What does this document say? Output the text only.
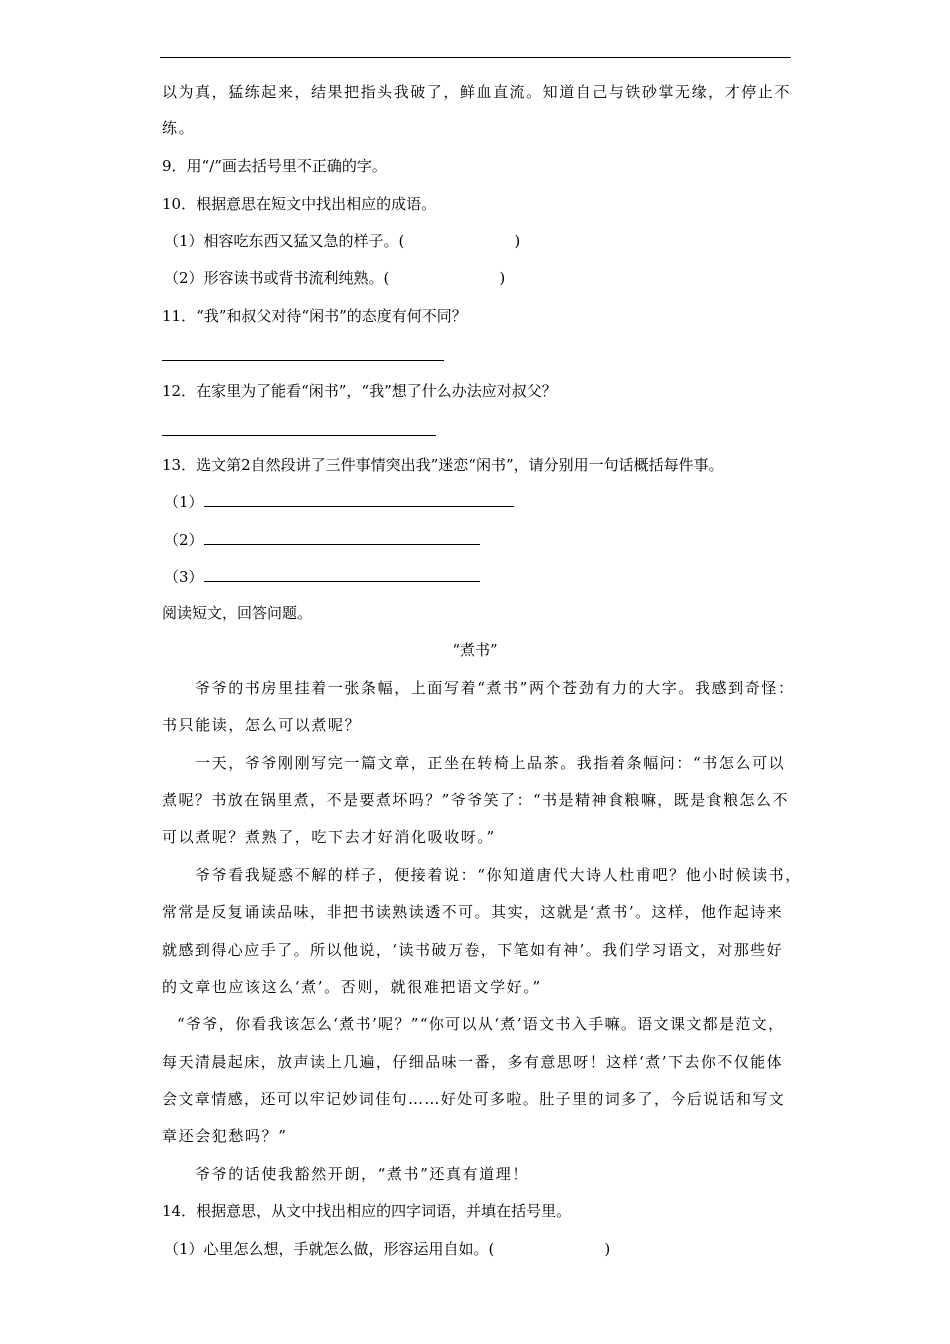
以为真，猛练起来，结果把指头我破了，鲜血直流。知道自己与铁砂掌无缘，才停止不
练。
9．用“/”画去括号里不正确的字。
10．根据意思在短文中找出相应的成语。
（1）相容吃东西又猛又急的样子。(	)
（2）形容读书或背书流利纯熟。(	)
11．“我”和叔父对待“闲书”的态度有何不同？
12．在家里为了能看“闲书”，“我”想了什么办法应对叔父？
13．选文第2自然段讲了三件事情突出我”迷恋“闲书”，请分别用一句话概括每件事。
（1）
（2）
（3）
阅读短文，回答问题。
“煮书”
爷爷的书房里挂着一张条幅，上面写着“煮书”两个苍劲有力的大字。我感到奇怪：
书只能读，怎么可以煮呢？
一天，爷爷刚刚写完一篇文章，正坐在转椅上品茶。我指着条幅问：“书怎么可以
煮呢？书放在锅里煮，不是要煮坏吗？”爷爷笑了：“书是精神食粮嘛，既是食粮怎么不
可以煮呢？煮熟了，吃下去才好消化吸收呀。”
爷爷看我疑惑不解的样子，便接着说：“你知道唐代大诗人杜甫吧？他小时候读书，
常常是反复诵读品味，非把书读熟读透不可。其实，这就是‘煮书’。这样，他作起诗来
就感到得心应手了。所以他说，‘读书破万卷，下笔如有神’。我们学习语文，对那些好
的文章也应该这么‘煮’。否则，就很难把语文学好。”
“爷爷，你看我该怎么‘煮书’呢？”“你可以从‘煮’语文书入手嘛。语文课文都是范文，
每天清晨起床，放声读上几遍，仔细品味一番，多有意思呀！这样‘煮’下去你不仅能体
会文章情感，还可以牢记妙词佳句……好处可多啦。肚子里的词多了，今后说话和写文
章还会犯愁吗？”
爷爷的话使我豁然开朗，“煮书”还真有道理！
14．根据意思，从文中找出相应的四字词语，并填在括号里。
（1）心里怎么想，手就怎么做，形容运用自如。(	)
